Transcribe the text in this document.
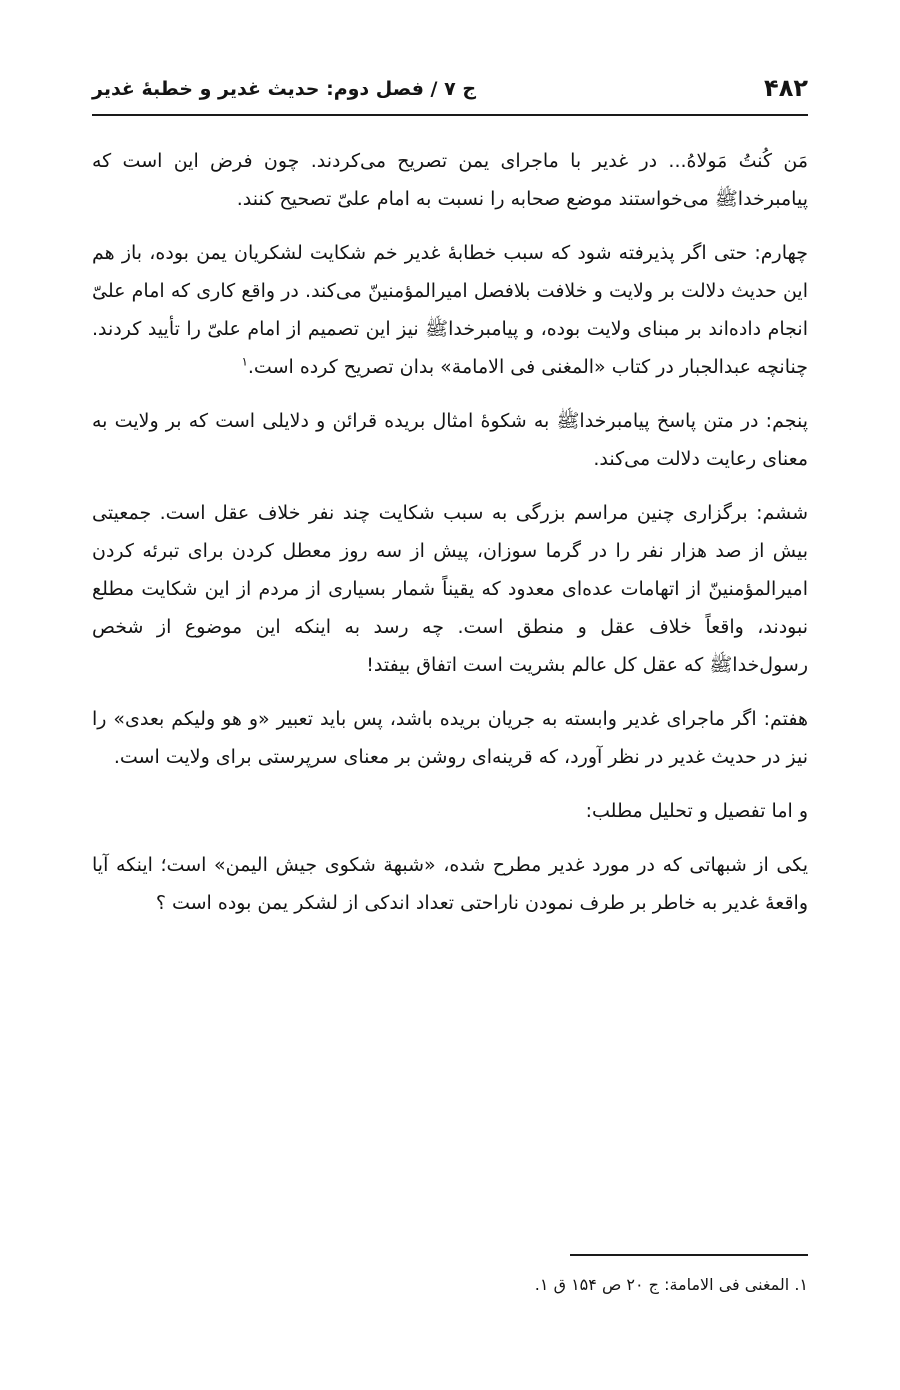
۴۸۲
ج ۷ / فصل دوم: حدیث غدیر و خطبهٔ غدیر

مَن کُنتُ مَولاهُ... در غدیر با ماجرای یمن تصریح می‌کردند. چون فرض این است که پیامبرخداﷺ می‌خواستند موضع صحابه را نسبت به امام علیّ تصحیح کنند.

چهارم: حتی اگر پذیرفته شود که سبب خطابهٔ غدیر خم شکایت لشکریان یمن بوده، باز هم این حدیث دلالت بر ولایت و خلافت بلافصل امیرالمؤمنینّ می‌کند. در واقع کاری که امام علیّ انجام داده‌اند بر مبنای ولایت بوده، و پیامبرخداﷺ نیز این تصمیم از امام علیّ را تأیید کردند. چنانچه عبدالجبار در کتاب «المغنی فی الامامة» بدان تصریح کرده است.$^۱$

پنجم: در متن پاسخ پیامبرخداﷺ به شکوهٔ امثال بریده قرائن و دلایلی است که بر ولایت به معنای رعایت دلالت می‌کند.

ششم: برگزاری چنین مراسم بزرگی به سبب شکایت چند نفر خلاف عقل است. جمعیتی بیش از صد هزار نفر را در گرما سوزان، پیش از سه روز معطل کردن برای تبرئه کردن امیرالمؤمنینّ از اتهامات عده‌ای معدود که یقیناً شمار بسیاری از مردم از این شکایت مطلع نبودند، واقعاً خلاف عقل و منطق است. چه رسد به اینکه این موضوع از شخص رسول‌خداﷺ که عقل کل عالم بشریت است اتفاق بیفتد!

هفتم: اگر ماجرای غدیر وابسته به جریان بریده باشد، پس باید تعبیر «و هو ولیکم بعدی» را نیز در حدیث غدیر در نظر آورد، که قرینه‌ای روشن بر معنای سرپرستی برای ولایت است.

و اما تفصیل و تحلیل مطلب:

یکی از شبهاتی که در مورد غدیر مطرح شده، «شبهة شکوی جیش الیمن» است؛ اینکه آیا واقعهٔ غدیر به خاطر بر طرف نمودن ناراحتی تعداد اندکی از لشکر یمن بوده است ؟

۱. المغنی فی الامامة: ج ۲۰ ص ۱۵۴ ق ۱.
